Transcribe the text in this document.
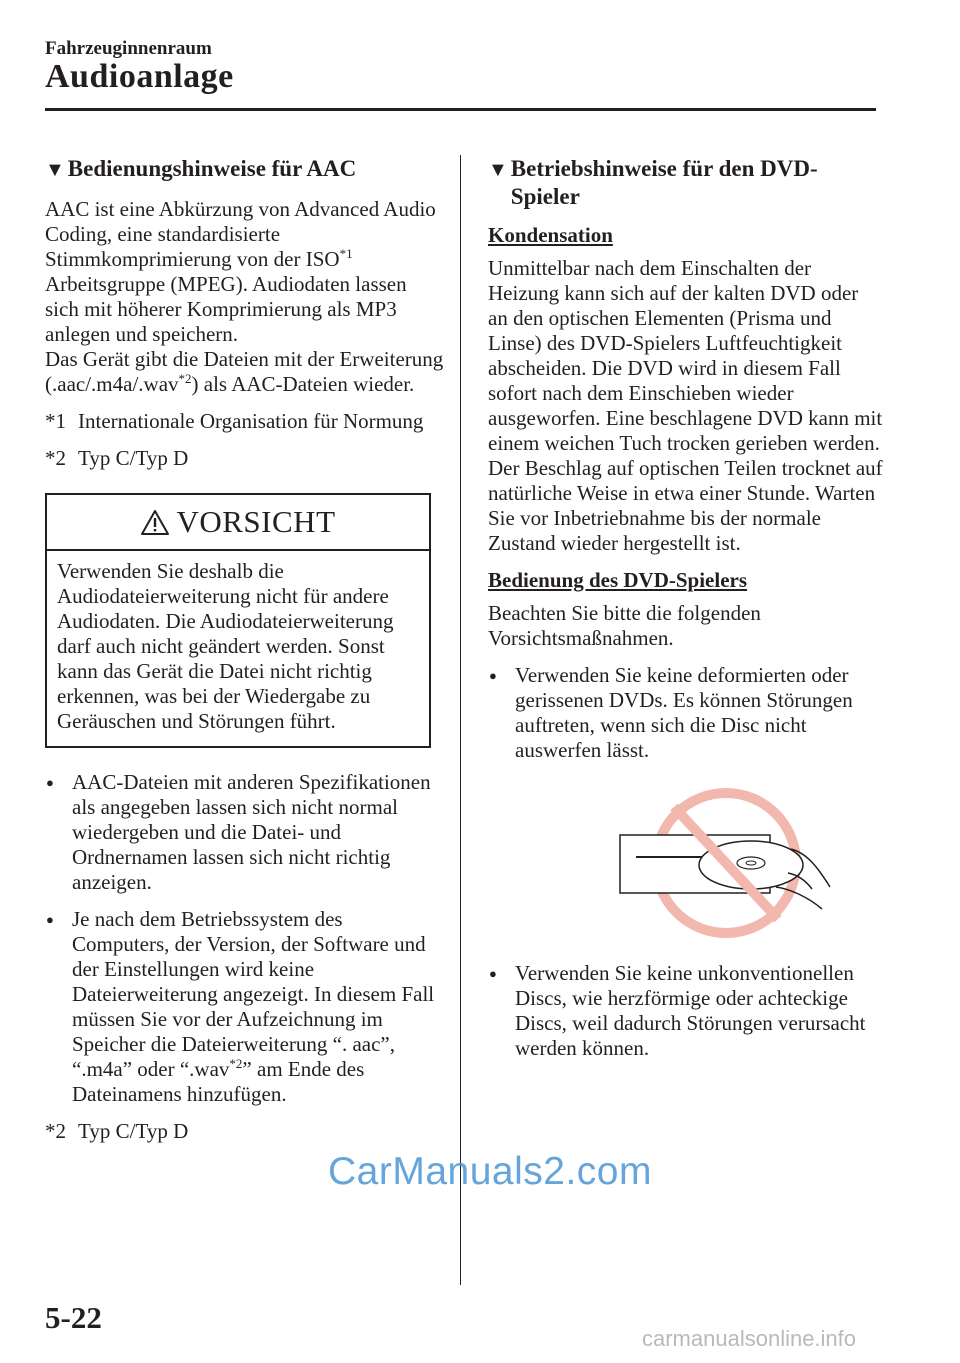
Fahrzeuginnenraum
Audioanlage
▼ Bedienungshinweise für AAC

AAC ist eine Abkürzung von Advanced Audio Coding, eine standardisierte Stimmkomprimierung von der ISO$^{*1}$ Arbeitsgruppe (MPEG). Audiodaten lassen sich mit höherer Komprimierung als MP3 anlegen und speichern.

Das Gerät gibt die Dateien mit der Erweiterung (.aac/.m4a/.wav$^{*2}$) als AAC-Dateien wieder.

*1 Internationale Organisation für Normung
*2 Typ C/Typ D
VORSICHT
Verwenden Sie deshalb die Audiodateierweiterung nicht für andere Audiodaten. Die Audiodateierweiterung darf auch nicht geändert werden. Sonst kann das Gerät die Datei nicht richtig erkennen, was bei der Wiedergabe zu Geräuschen und Störungen führt.
● AAC-Dateien mit anderen Spezifikationen als angegeben lassen sich nicht normal wiedergeben und die Datei- und Ordnernamen lassen sich nicht richtig anzeigen.
● Je nach dem Betriebssystem des Computers, der Version, der Software und der Einstellungen wird keine Dateierweiterung angezeigt. In diesem Fall müssen Sie vor der Aufzeichnung im Speicher die Dateierweiterung “. aac”, “.m4a” oder “.wav$^{*2}$” am Ende des Dateinamens hinzufügen.
*2 Typ C/Typ D
▼ Betriebshinweise für den DVD-Spieler
Kondensation

Unmittelbar nach dem Einschalten der Heizung kann sich auf der kalten DVD oder an den optischen Elementen (Prisma und Linse) des DVD-Spielers Luftfeuchtigkeit abscheiden. Die DVD wird in diesem Fall sofort nach dem Einschieben wieder ausgeworfen. Eine beschlagene DVD kann mit einem weichen Tuch trocken gerieben werden. Der Beschlag auf optischen Teilen trocknet auf natürliche Weise in etwa einer Stunde. Warten Sie vor Inbetriebnahme bis der normale Zustand wieder hergestellt ist.

Bedienung des DVD-Spielers

Beachten Sie bitte die folgenden Vorsichtsmaßnahmen.

● Verwenden Sie keine deformierten oder gerissenen DVDs. Es können Störungen auftreten, wenn sich die Disc nicht auswerfen lässt.
● Verwenden Sie keine unkonventionellen Discs, wie herzförmige oder achteckige Discs, weil dadurch Störungen verursacht werden können.
5-22
CarManuals2.com
carmanualsonline.info
